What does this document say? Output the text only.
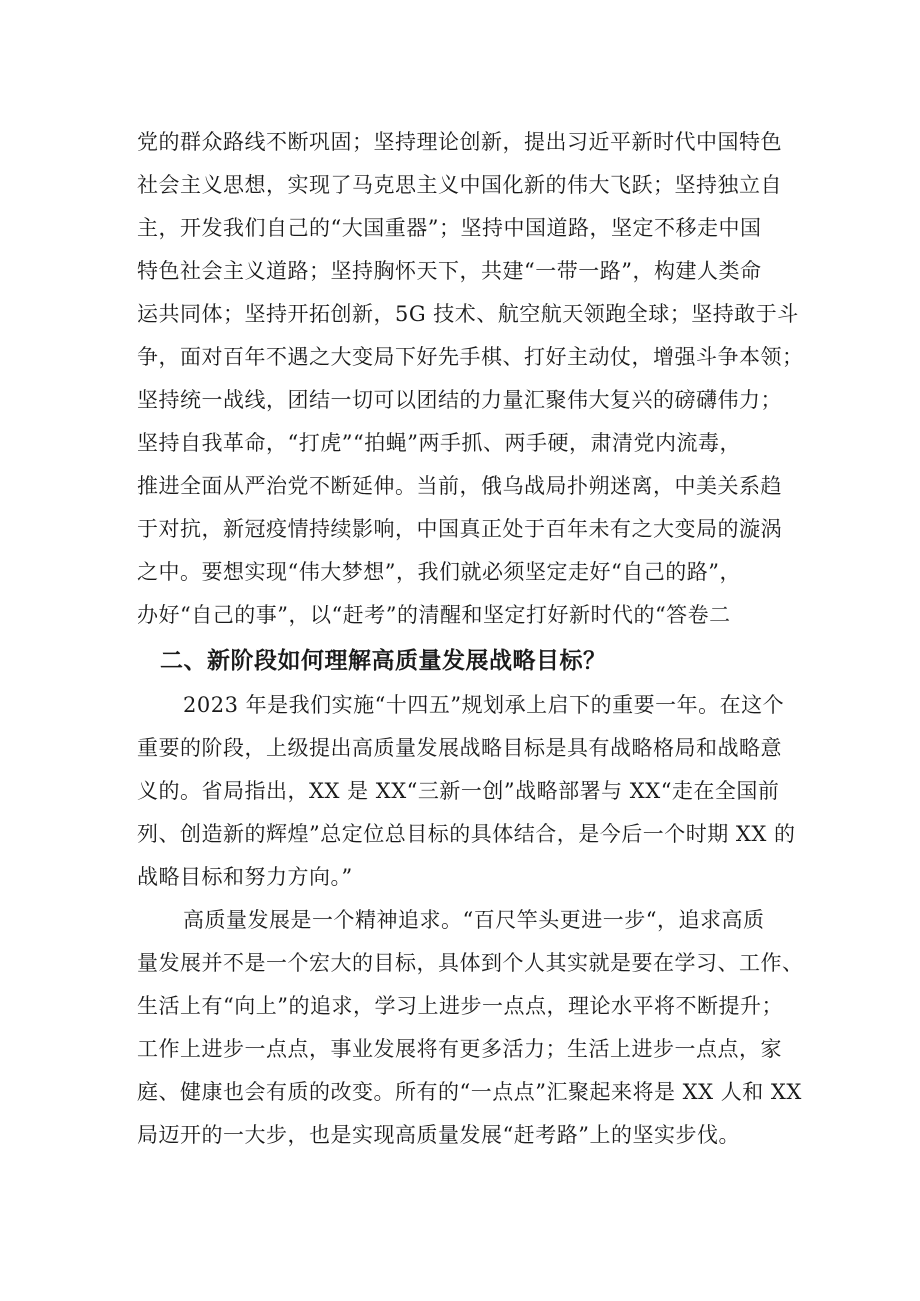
党的群众路线不断巩固；坚持理论创新，提出习近平新时代中国特色
社会主义思想，实现了马克思主义中国化新的伟大飞跃；坚持独立自
主，开发我们自己的“大国重器”；坚持中国道路，坚定不移走中国
特色社会主义道路；坚持胸怀天下，共建“一带一路”，构建人类命
运共同体；坚持开拓创新，5G 技术、航空航天领跑全球；坚持敢于斗
争，面对百年不遇之大变局下好先手棋、打好主动仗，增强斗争本领；
坚持统一战线，团结一切可以团结的力量汇聚伟大复兴的磅礴伟力；
坚持自我革命，“打虎”“拍蝇”两手抓、两手硬，肃清党内流毒，
推进全面从严治党不断延伸。当前，俄乌战局扑朔迷离，中美关系趋
于对抗，新冠疫情持续影响，中国真正处于百年未有之大变局的漩涡
之中。要想实现“伟大梦想”，我们就必须坚定走好“自己的路”，
办好“自己的事”，以“赶考”的清醒和坚定打好新时代的“答卷二
二、新阶段如何理解高质量发展战略目标？
2023 年是我们实施“十四五”规划承上启下的重要一年。在这个
重要的阶段，上级提出高质量发展战略目标是具有战略格局和战略意
义的。省局指出，XX 是 XX“三新一创”战略部署与 XX“走在全国前
列、创造新的辉煌”总定位总目标的具体结合，是今后一个时期 XX 的
战略目标和努力方向。”
高质量发展是一个精神追求。“百尺竿头更进一步“，追求高质
量发展并不是一个宏大的目标，具体到个人其实就是要在学习、工作、
生活上有“向上”的追求，学习上进步一点点，理论水平将不断提升；
工作上进步一点点，事业发展将有更多活力；生活上进步一点点，家
庭、健康也会有质的改变。所有的“一点点”汇聚起来将是 XX 人和 XX
局迈开的一大步，也是实现高质量发展“赶考路”上的坚实步伐。
